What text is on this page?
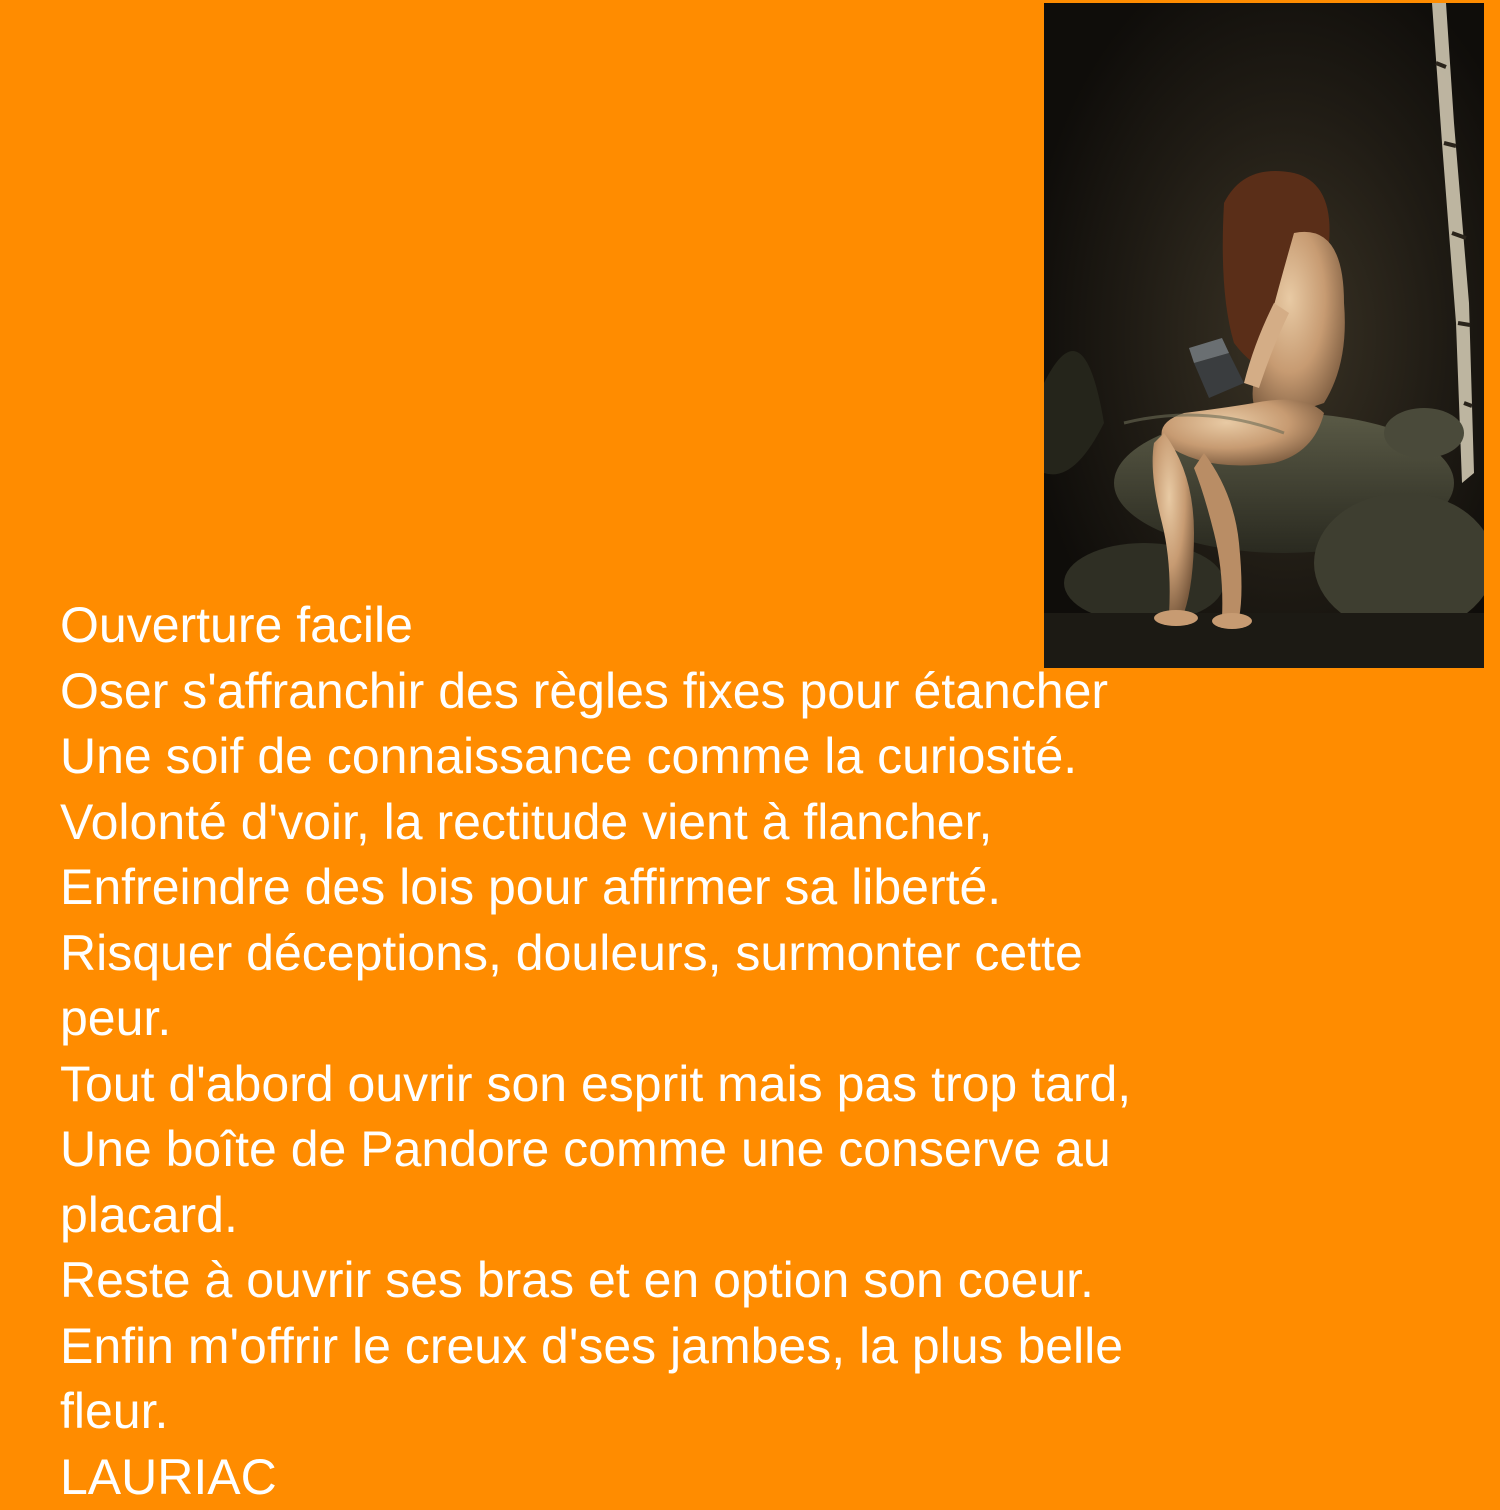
Ouverture facile
Oser s'affranchir des règles fixes pour étancher
Une soif de connaissance comme la curiosité.
Volonté d'voir, la rectitude vient à flancher,
Enfreindre des lois pour affirmer sa liberté.
Risquer déceptions, douleurs, surmonter cette
peur.
Tout d'abord ouvrir son esprit mais pas trop tard,
Une boîte de Pandore comme une conserve au
placard.
Reste à ouvrir ses bras et en option son coeur.
Enfin m'offrir le creux d'ses jambes, la plus belle
fleur.
LAURIAC
